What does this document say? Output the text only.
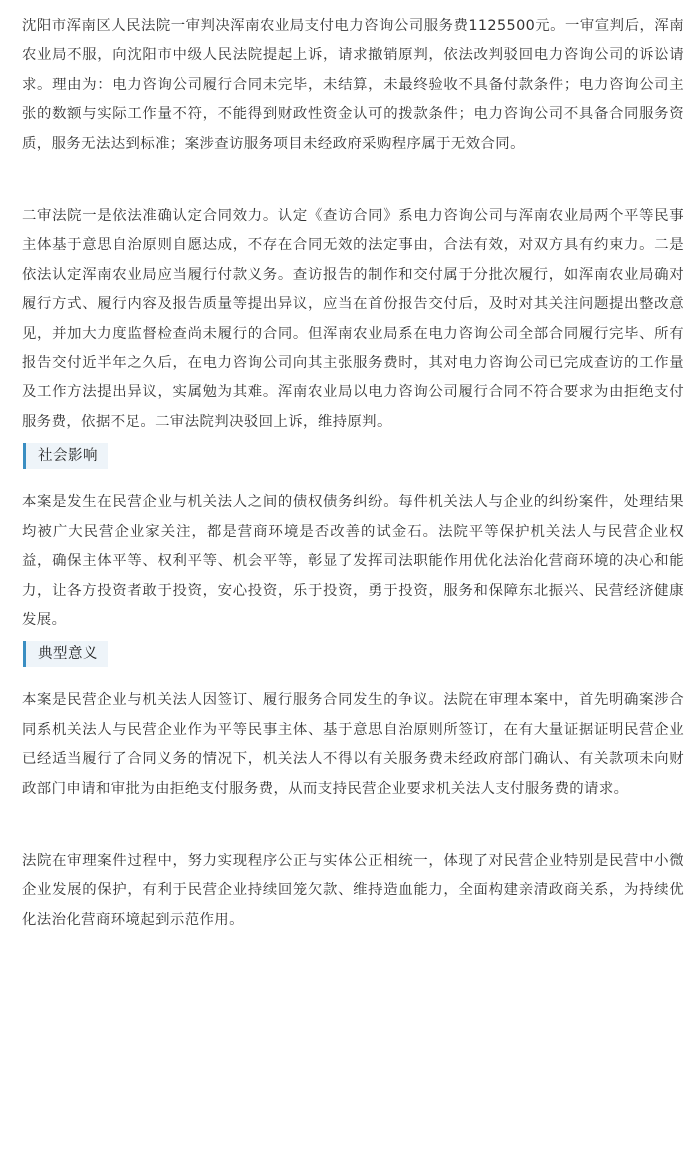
沈阳市浑南区人民法院一审判决浑南农业局支付电力咨询公司服务费1125500元。一审宣判后，浑南农业局不服，向沈阳市中级人民法院提起上诉，请求撤销原判，依法改判驳回电力咨询公司的诉讼请求。理由为：电力咨询公司履行合同未完毕，未结算，未最终验收不具备付款条件；电力咨询公司主张的数额与实际工作量不符，不能得到财政性资金认可的拨款条件；电力咨询公司不具备合同服务资质，服务无法达到标准；案涉查访服务项目未经政府采购程序属于无效合同。

二审法院一是依法准确认定合同效力。认定《查访合同》系电力咨询公司与浑南农业局两个平等民事主体基于意思自治原则自愿达成，不存在合同无效的法定事由，合法有效，对双方具有约束力。二是依法认定浑南农业局应当履行付款义务。查访报告的制作和交付属于分批次履行，如浑南农业局确对履行方式、履行内容及报告质量等提出异议，应当在首份报告交付后，及时对其关注问题提出整改意见，并加大力度监督检查尚未履行的合同。但浑南农业局系在电力咨询公司全部合同履行完毕、所有报告交付近半年之久后，在电力咨询公司向其主张服务费时，其对电力咨询公司已完成查访的工作量及工作方法提出异议，实属勉为其难。浑南农业局以电力咨询公司履行合同不符合要求为由拒绝支付服务费，依据不足。二审法院判决驳回上诉，维持原判。

社会影响

本案是发生在民营企业与机关法人之间的债权债务纠纷。每件机关法人与企业的纠纷案件，处理结果均被广大民营企业家关注，都是营商环境是否改善的试金石。法院平等保护机关法人与民营企业权益，确保主体平等、权利平等、机会平等，彰显了发挥司法职能作用优化法治化营商环境的决心和能力，让各方投资者敢于投资，安心投资，乐于投资，勇于投资，服务和保障东北振兴、民营经济健康发展。

典型意义

本案是民营企业与机关法人因签订、履行服务合同发生的争议。法院在审理本案中，首先明确案涉合同系机关法人与民营企业作为平等民事主体、基于意思自治原则所签订，在有大量证据证明民营企业已经适当履行了合同义务的情况下，机关法人不得以有关服务费未经政府部门确认、有关款项未向财政部门申请和审批为由拒绝支付服务费，从而支持民营企业要求机关法人支付服务费的请求。

法院在审理案件过程中，努力实现程序公正与实体公正相统一，体现了对民营企业特别是民营中小微企业发展的保护，有利于民营企业持续回笼欠款、维持造血能力，全面构建亲清政商关系，为持续优化法治化营商环境起到示范作用。
